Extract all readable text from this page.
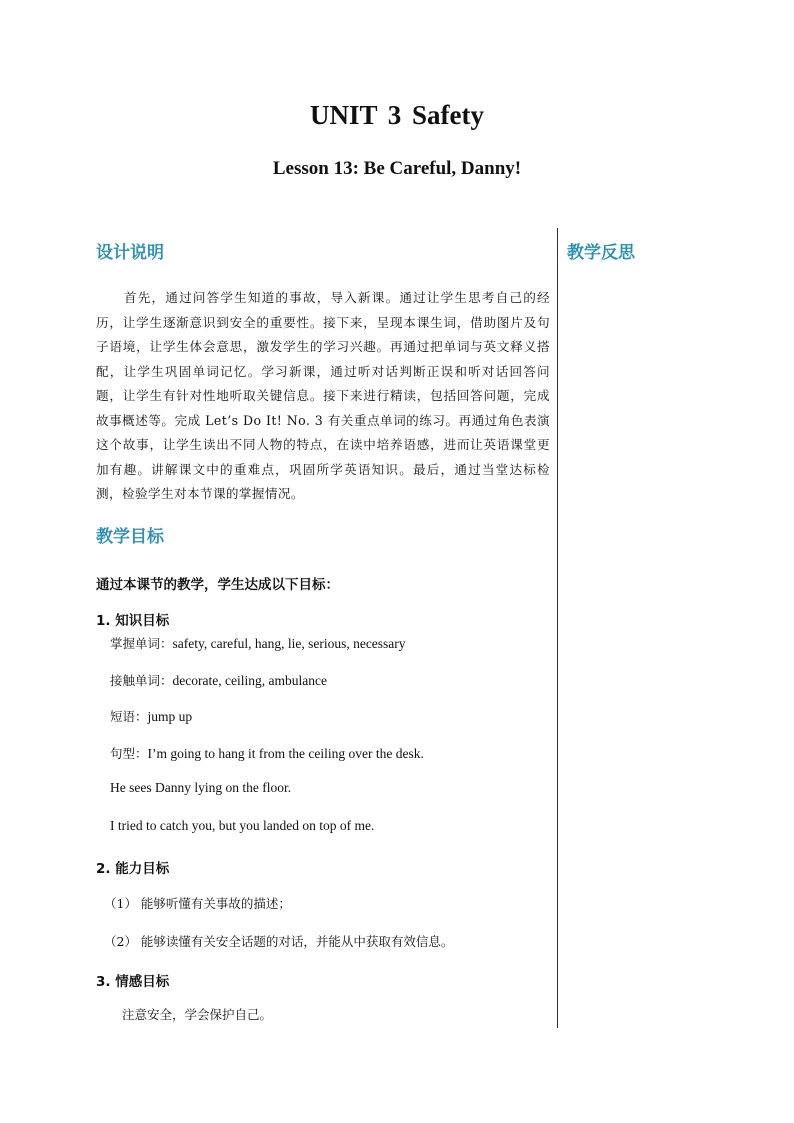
UNIT 3 Safety
Lesson 13: Be Careful, Danny!
设计说明	教学反思
首先，通过问答学生知道的事故，导入新课。通过让学生思考自己的经历，让学生逐渐意识到安全的重要性。接下来，呈现本课生词，借助图片及句子语境，让学生体会意思，激发学生的学习兴趣。再通过把单词与英文释义搭配，让学生巩固单词记忆。学习新课，通过听对话判断正误和听对话回答问题，让学生有针对性地听取关键信息。接下来进行精读，包括回答问题，完成故事概述等。完成 Let’s Do It! No. 3 有关重点单词的练习。再通过角色表演这个故事，让学生读出不同人物的特点，在读中培养语感，进而让英语课堂更加有趣。讲解课文中的重难点，巩固所学英语知识。最后，通过当堂达标检测，检验学生对本节课的掌握情况。
教学目标
通过本课节的教学，学生达成以下目标：
1. 知识目标
掌握单词：safety, careful, hang, lie, serious, necessary
接触单词：decorate, ceiling, ambulance
短语：jump up
句型：I’m going to hang it from the ceiling over the desk.
He sees Danny lying on the floor.
I tried to catch you, but you landed on top of me.
2. 能力目标
（1） 能够听懂有关事故的描述；
（2） 能够读懂有关安全话题的对话，并能从中获取有效信息。
3. 情感目标
注意安全，学会保护自己。
